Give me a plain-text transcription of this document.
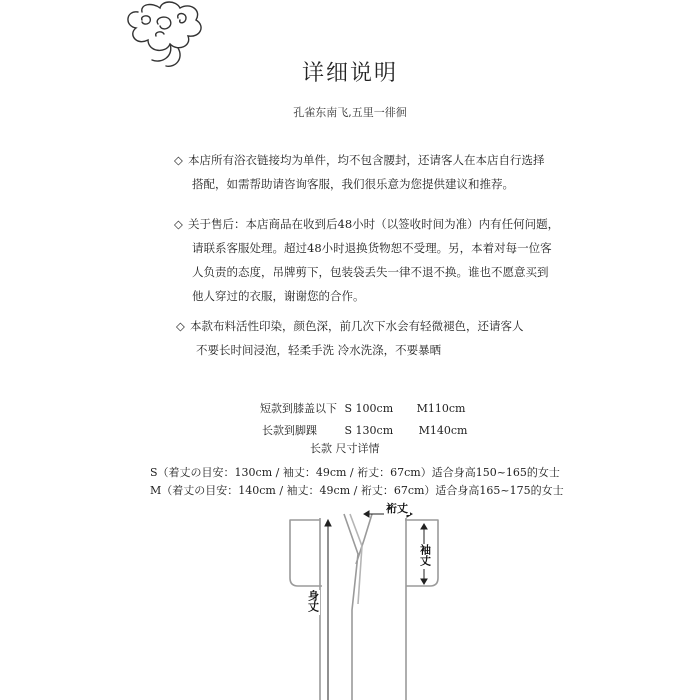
详细说明
孔雀东南飞,五里一徘徊
◇ 本店所有浴衣链接均为单件，均不包含腰封，还请客人在本店自行选择
搭配，如需帮助请咨询客服，我们很乐意为您提供建议和推荐。
◇ 关于售后：本店商品在收到后48小时（以签收时间为准）内有任何问题，
请联系客服处理。超过48小时退换货物恕不受理。另，本着对每一位客
人负责的态度，吊牌剪下，包装袋丢失一律不退不换。谁也不愿意买到
他人穿过的衣服，谢谢您的合作。
◇ 本款布料活性印染，颜色深，前几次下水会有轻微褪色，还请客人
不要长时间浸泡，轻柔手洗 冷水洗涤，不要暴晒
短款到膝盖以下 S 100cm M110cm
长款到脚踝	S 130cm M140cm
长款 尺寸详情
S（着丈の目安：130cm / 袖丈：49cm / 裄丈：67cm）适合身高150~165的女士
M（着丈の目安：140cm / 袖丈：49cm / 裄丈：67cm）适合身高165~175的女士
裄丈
袖丈
身丈
